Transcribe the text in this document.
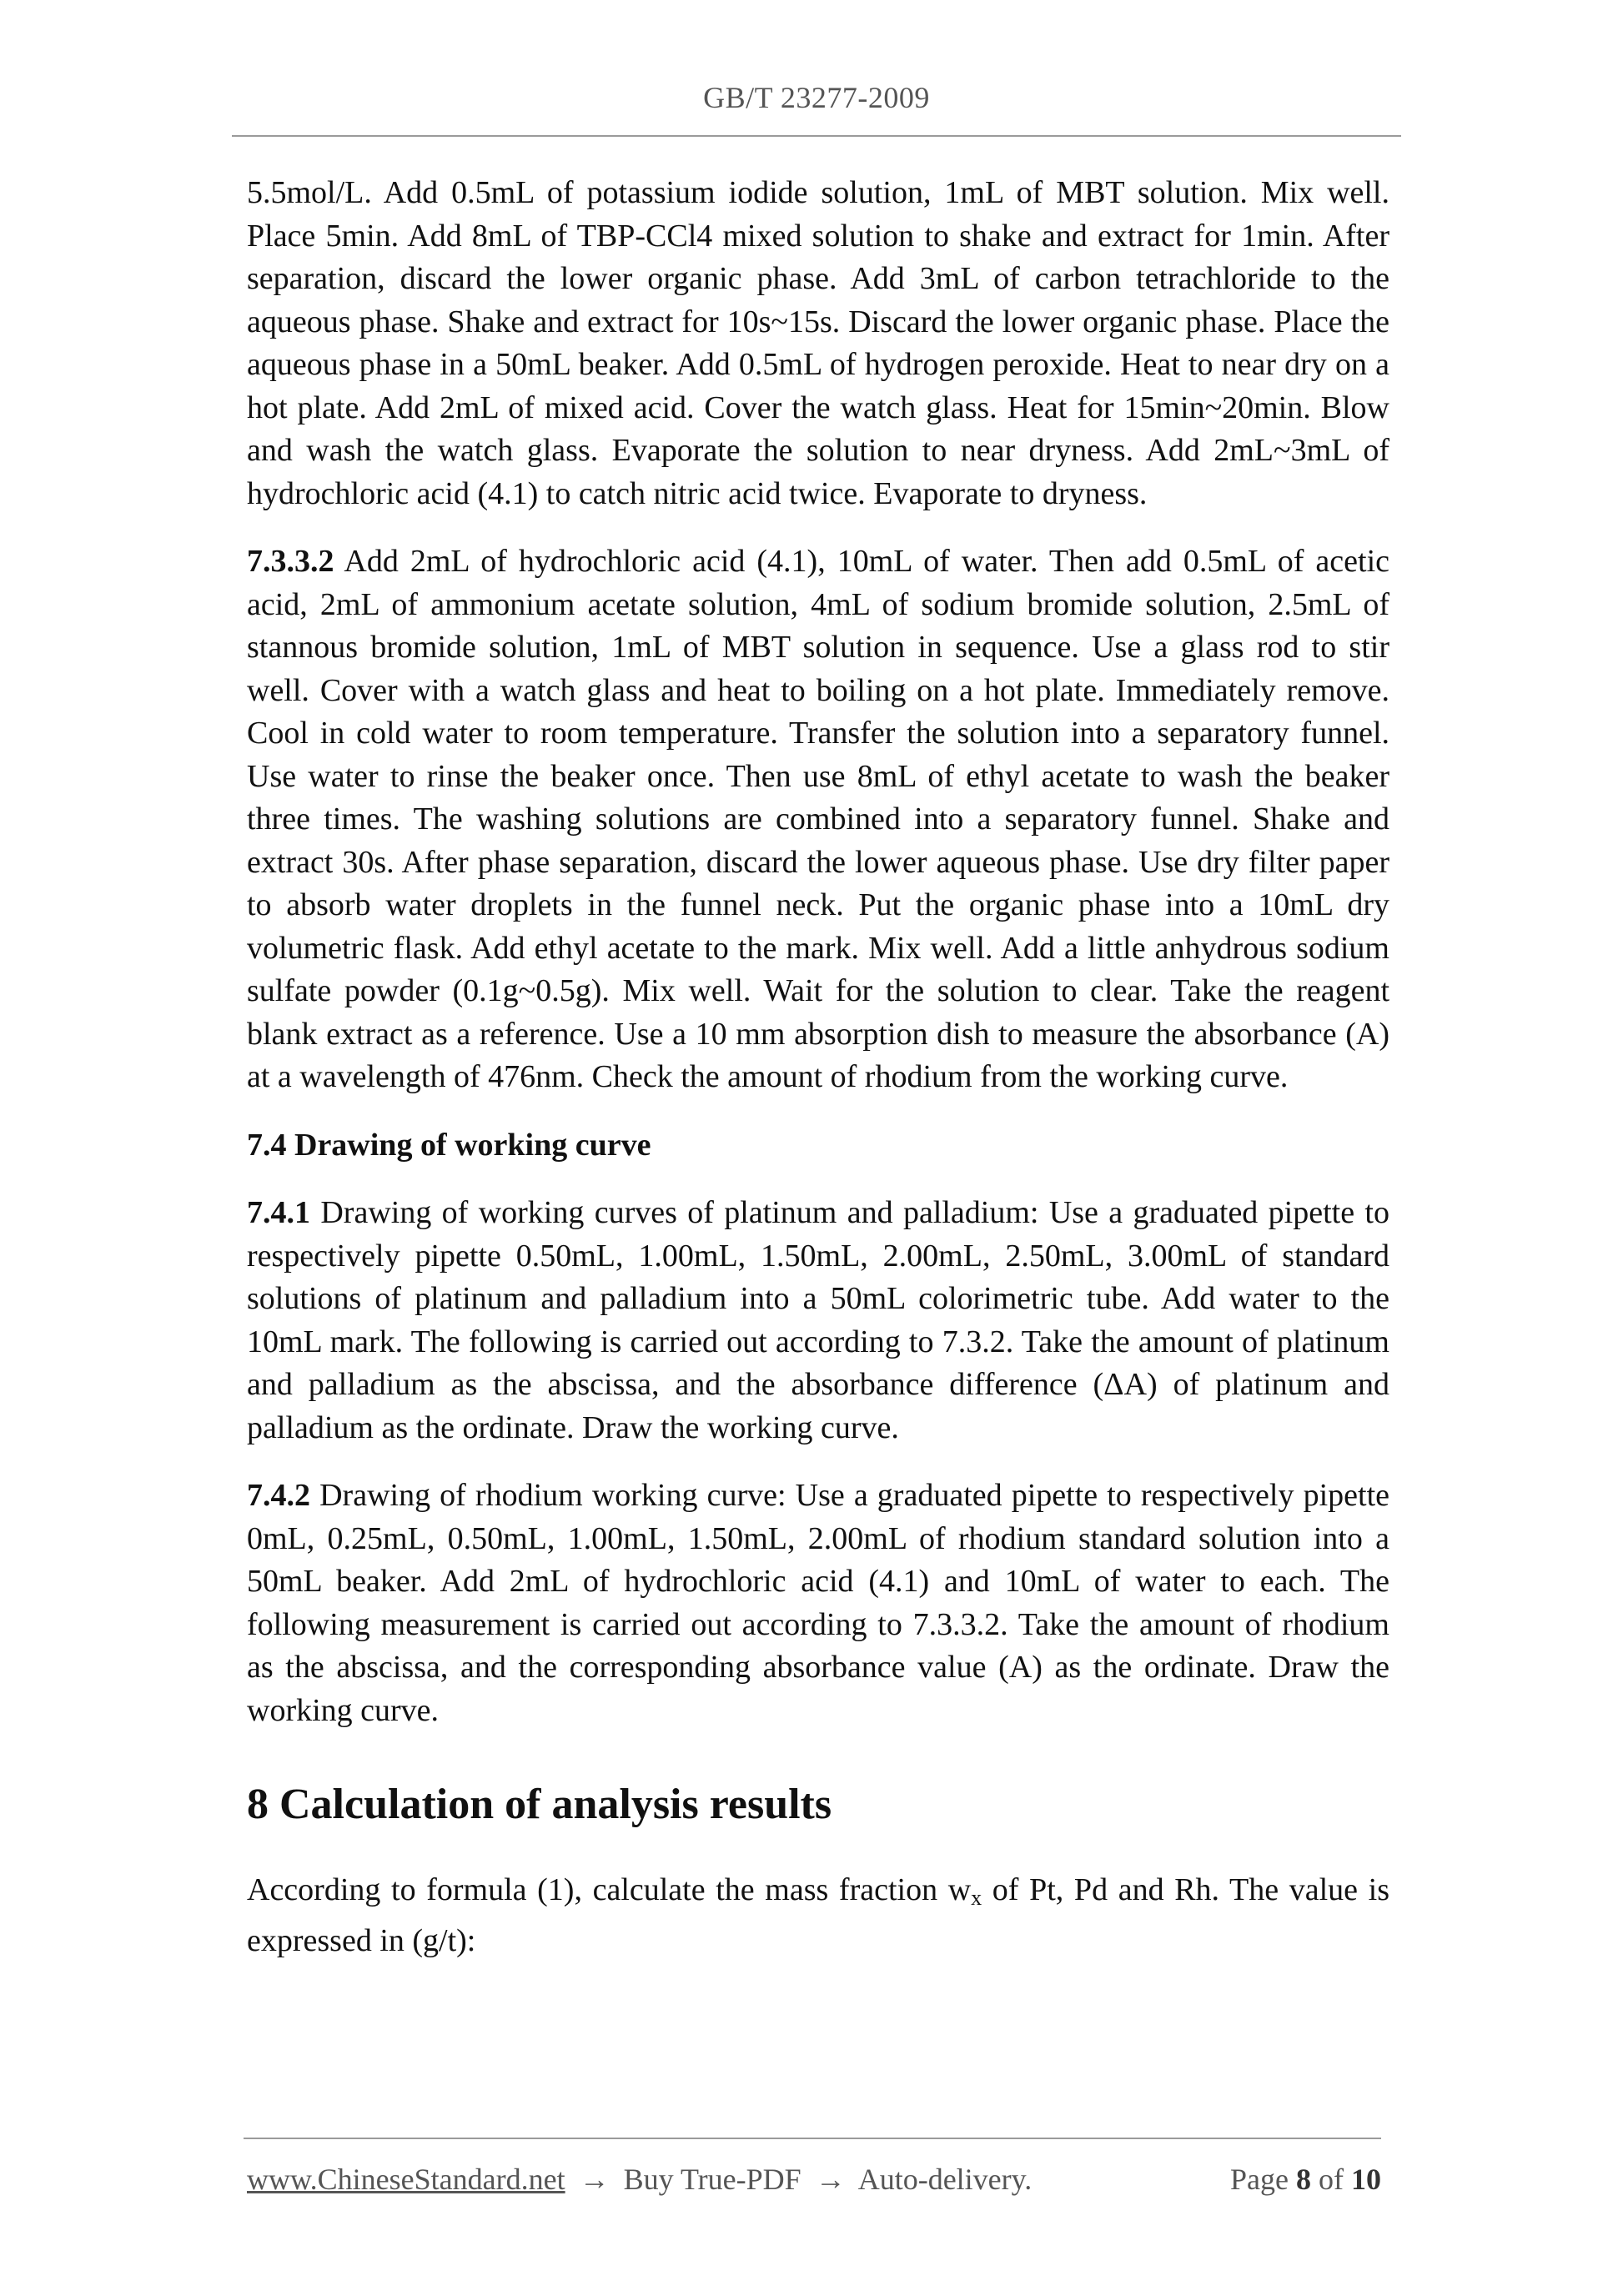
GB/T 23277-2009

5.5mol/L. Add 0.5mL of potassium iodide solution, 1mL of MBT solution. Mix well. Place 5min. Add 8mL of TBP-CCl4 mixed solution to shake and extract for 1min. After separation, discard the lower organic phase. Add 3mL of carbon tetrachloride to the aqueous phase. Shake and extract for 10s~15s. Discard the lower organic phase. Place the aqueous phase in a 50mL beaker. Add 0.5mL of hydrogen peroxide. Heat to near dry on a hot plate. Add 2mL of mixed acid. Cover the watch glass. Heat for 15min~20min. Blow and wash the watch glass. Evaporate the solution to near dryness. Add 2mL~3mL of hydrochloric acid (4.1) to catch nitric acid twice. Evaporate to dryness.

7.3.3.2 Add 2mL of hydrochloric acid (4.1), 10mL of water. Then add 0.5mL of acetic acid, 2mL of ammonium acetate solution, 4mL of sodium bromide solution, 2.5mL of stannous bromide solution, 1mL of MBT solution in sequence. Use a glass rod to stir well. Cover with a watch glass and heat to boiling on a hot plate. Immediately remove. Cool in cold water to room temperature. Transfer the solution into a separatory funnel. Use water to rinse the beaker once. Then use 8mL of ethyl acetate to wash the beaker three times. The washing solutions are combined into a separatory funnel. Shake and extract 30s. After phase separation, discard the lower aqueous phase. Use dry filter paper to absorb water droplets in the funnel neck. Put the organic phase into a 10mL dry volumetric flask. Add ethyl acetate to the mark. Mix well. Add a little anhydrous sodium sulfate powder (0.1g~0.5g). Mix well. Wait for the solution to clear. Take the reagent blank extract as a reference. Use a 10 mm absorption dish to measure the absorbance (A) at a wavelength of 476nm. Check the amount of rhodium from the working curve.

7.4 Drawing of working curve

7.4.1 Drawing of working curves of platinum and palladium: Use a graduated pipette to respectively pipette 0.50mL, 1.00mL, 1.50mL, 2.00mL, 2.50mL, 3.00mL of standard solutions of platinum and palladium into a 50mL colorimetric tube. Add water to the 10mL mark. The following is carried out according to 7.3.2. Take the amount of platinum and palladium as the abscissa, and the absorbance difference (ΔA) of platinum and palladium as the ordinate. Draw the working curve.

7.4.2 Drawing of rhodium working curve: Use a graduated pipette to respectively pipette 0mL, 0.25mL, 0.50mL, 1.00mL, 1.50mL, 2.00mL of rhodium standard solution into a 50mL beaker. Add 2mL of hydrochloric acid (4.1) and 10mL of water to each. The following measurement is carried out according to 7.3.3.2. Take the amount of rhodium as the abscissa, and the corresponding absorbance value (A) as the ordinate. Draw the working curve.

8 Calculation of analysis results

According to formula (1), calculate the mass fraction wx of Pt, Pd and Rh. The value is expressed in (g/t):

www.ChineseStandard.net → Buy True-PDF → Auto-delivery.	Page 8 of 10
